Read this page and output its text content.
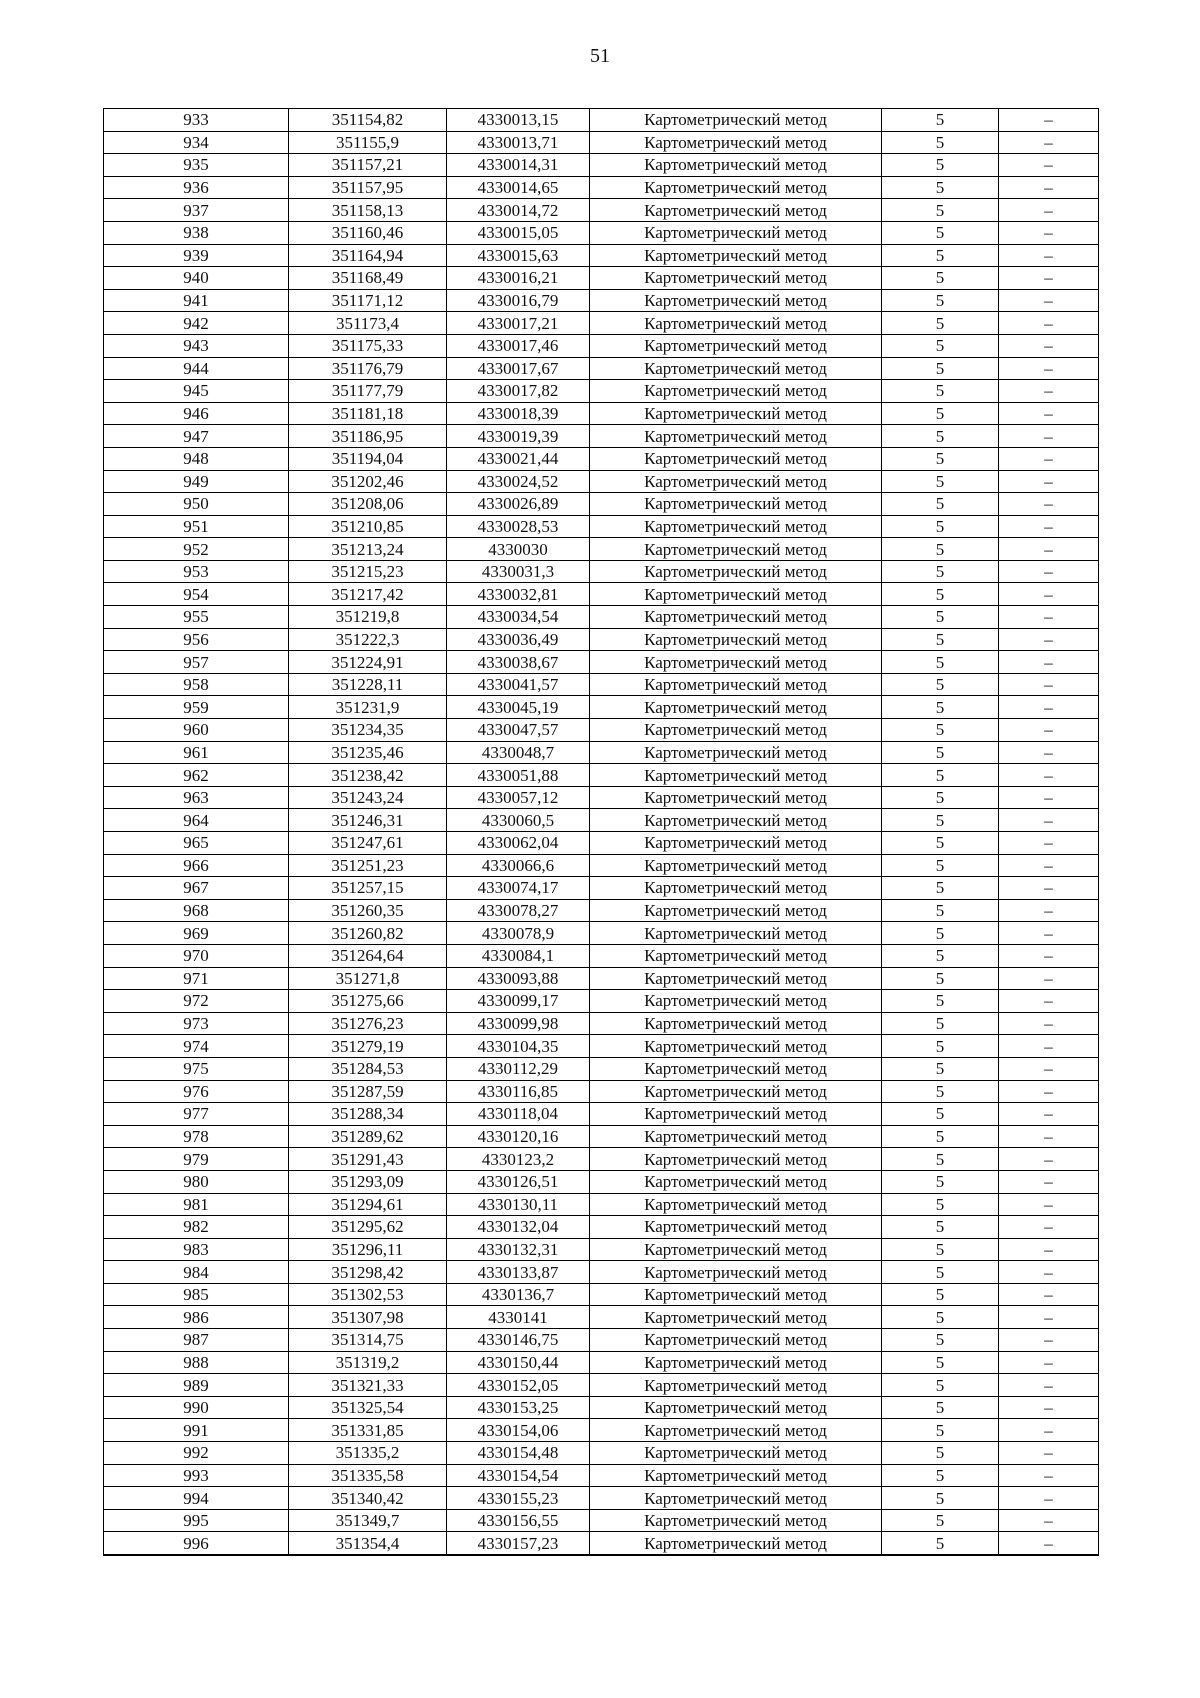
51
933	351154,82	4330013,15	Картометрический метод	5	–
934	351155,9	4330013,71	Картометрический метод	5	–
935	351157,21	4330014,31	Картометрический метод	5	–
936	351157,95	4330014,65	Картометрический метод	5	–
937	351158,13	4330014,72	Картометрический метод	5	–
938	351160,46	4330015,05	Картометрический метод	5	–
939	351164,94	4330015,63	Картометрический метод	5	–
940	351168,49	4330016,21	Картометрический метод	5	–
941	351171,12	4330016,79	Картометрический метод	5	–
942	351173,4	4330017,21	Картометрический метод	5	–
943	351175,33	4330017,46	Картометрический метод	5	–
944	351176,79	4330017,67	Картометрический метод	5	–
945	351177,79	4330017,82	Картометрический метод	5	–
946	351181,18	4330018,39	Картометрический метод	5	–
947	351186,95	4330019,39	Картометрический метод	5	–
948	351194,04	4330021,44	Картометрический метод	5	–
949	351202,46	4330024,52	Картометрический метод	5	–
950	351208,06	4330026,89	Картометрический метод	5	–
951	351210,85	4330028,53	Картометрический метод	5	–
952	351213,24	4330030	Картометрический метод	5	–
953	351215,23	4330031,3	Картометрический метод	5	–
954	351217,42	4330032,81	Картометрический метод	5	–
955	351219,8	4330034,54	Картометрический метод	5	–
956	351222,3	4330036,49	Картометрический метод	5	–
957	351224,91	4330038,67	Картометрический метод	5	–
958	351228,11	4330041,57	Картометрический метод	5	–
959	351231,9	4330045,19	Картометрический метод	5	–
960	351234,35	4330047,57	Картометрический метод	5	–
961	351235,46	4330048,7	Картометрический метод	5	–
962	351238,42	4330051,88	Картометрический метод	5	–
963	351243,24	4330057,12	Картометрический метод	5	–
964	351246,31	4330060,5	Картометрический метод	5	–
965	351247,61	4330062,04	Картометрический метод	5	–
966	351251,23	4330066,6	Картометрический метод	5	–
967	351257,15	4330074,17	Картометрический метод	5	–
968	351260,35	4330078,27	Картометрический метод	5	–
969	351260,82	4330078,9	Картометрический метод	5	–
970	351264,64	4330084,1	Картометрический метод	5	–
971	351271,8	4330093,88	Картометрический метод	5	–
972	351275,66	4330099,17	Картометрический метод	5	–
973	351276,23	4330099,98	Картометрический метод	5	–
974	351279,19	4330104,35	Картометрический метод	5	–
975	351284,53	4330112,29	Картометрический метод	5	–
976	351287,59	4330116,85	Картометрический метод	5	–
977	351288,34	4330118,04	Картометрический метод	5	–
978	351289,62	4330120,16	Картометрический метод	5	–
979	351291,43	4330123,2	Картометрический метод	5	–
980	351293,09	4330126,51	Картометрический метод	5	–
981	351294,61	4330130,11	Картометрический метод	5	–
982	351295,62	4330132,04	Картометрический метод	5	–
983	351296,11	4330132,31	Картометрический метод	5	–
984	351298,42	4330133,87	Картометрический метод	5	–
985	351302,53	4330136,7	Картометрический метод	5	–
986	351307,98	4330141	Картометрический метод	5	–
987	351314,75	4330146,75	Картометрический метод	5	–
988	351319,2	4330150,44	Картометрический метод	5	–
989	351321,33	4330152,05	Картометрический метод	5	–
990	351325,54	4330153,25	Картометрический метод	5	–
991	351331,85	4330154,06	Картометрический метод	5	–
992	351335,2	4330154,48	Картометрический метод	5	–
993	351335,58	4330154,54	Картометрический метод	5	–
994	351340,42	4330155,23	Картометрический метод	5	–
995	351349,7	4330156,55	Картометрический метод	5	–
996	351354,4	4330157,23	Картометрический метод	5	–
